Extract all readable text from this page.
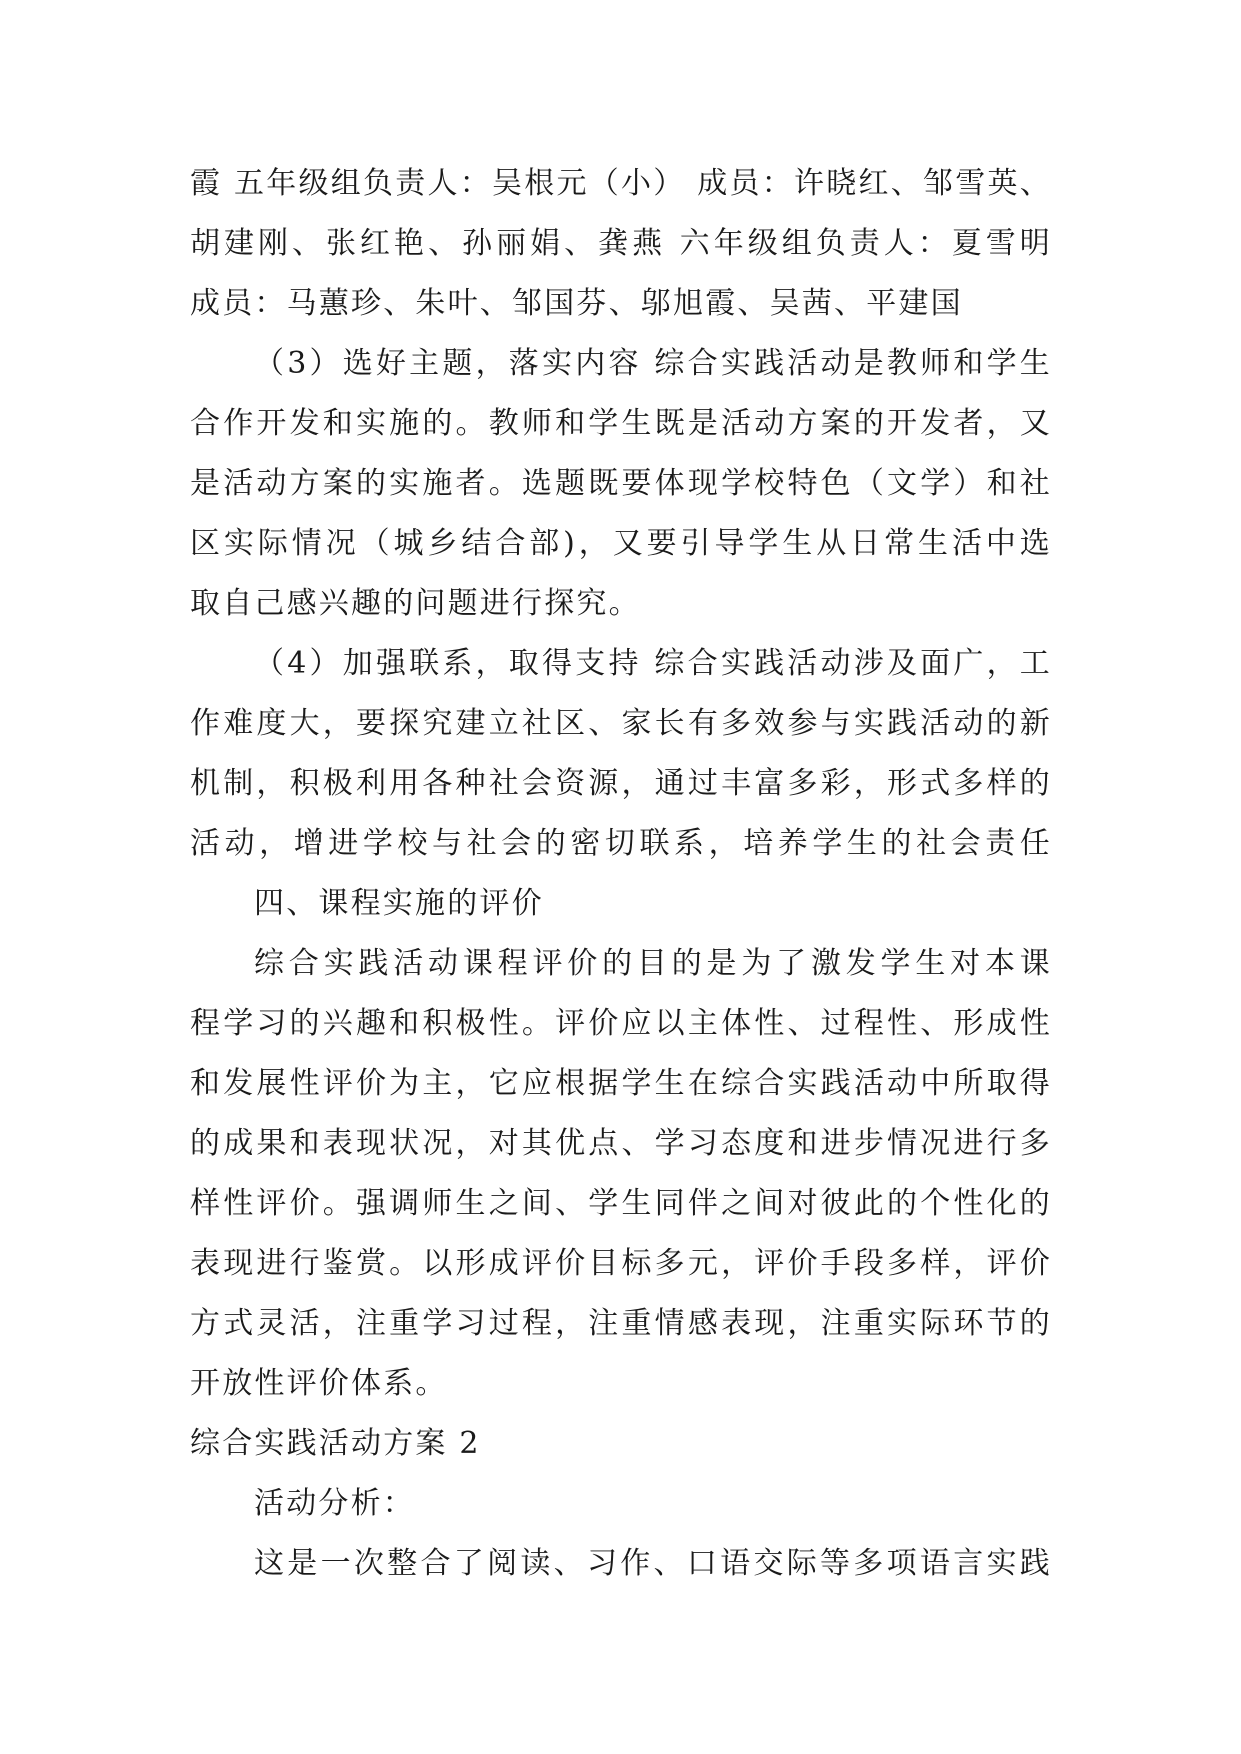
霞 五年级组负责人：吴根元（小） 成员：许晓红、邹雪英、
胡建刚、张红艳、孙丽娟、龚燕 六年级组负责人：夏雪明
成员：马蕙珍、朱叶、邹国芬、邬旭霞、吴茜、平建国
（3）选好主题，落实内容 综合实践活动是教师和学生
合作开发和实施的。教师和学生既是活动方案的开发者，又
是活动方案的实施者。选题既要体现学校特色（文学）和社
区实际情况（城乡结合部)，又要引导学生从日常生活中选
取自己感兴趣的问题进行探究。
（4）加强联系，取得支持 综合实践活动涉及面广，工
作难度大，要探究建立社区、家长有多效参与实践活动的新
机制，积极利用各种社会资源，通过丰富多彩，形式多样的
活动，增进学校与社会的密切联系，培养学生的社会责任
四、课程实施的评价
综合实践活动课程评价的目的是为了激发学生对本课
程学习的兴趣和积极性。评价应以主体性、过程性、形成性
和发展性评价为主，它应根据学生在综合实践活动中所取得
的成果和表现状况，对其优点、学习态度和进步情况进行多
样性评价。强调师生之间、学生同伴之间对彼此的个性化的
表现进行鉴赏。以形成评价目标多元，评价手段多样，评价
方式灵活，注重学习过程，注重情感表现，注重实际环节的
开放性评价体系。
综合实践活动方案 2
活动分析：
这是一次整合了阅读、习作、口语交际等多项语言实践
